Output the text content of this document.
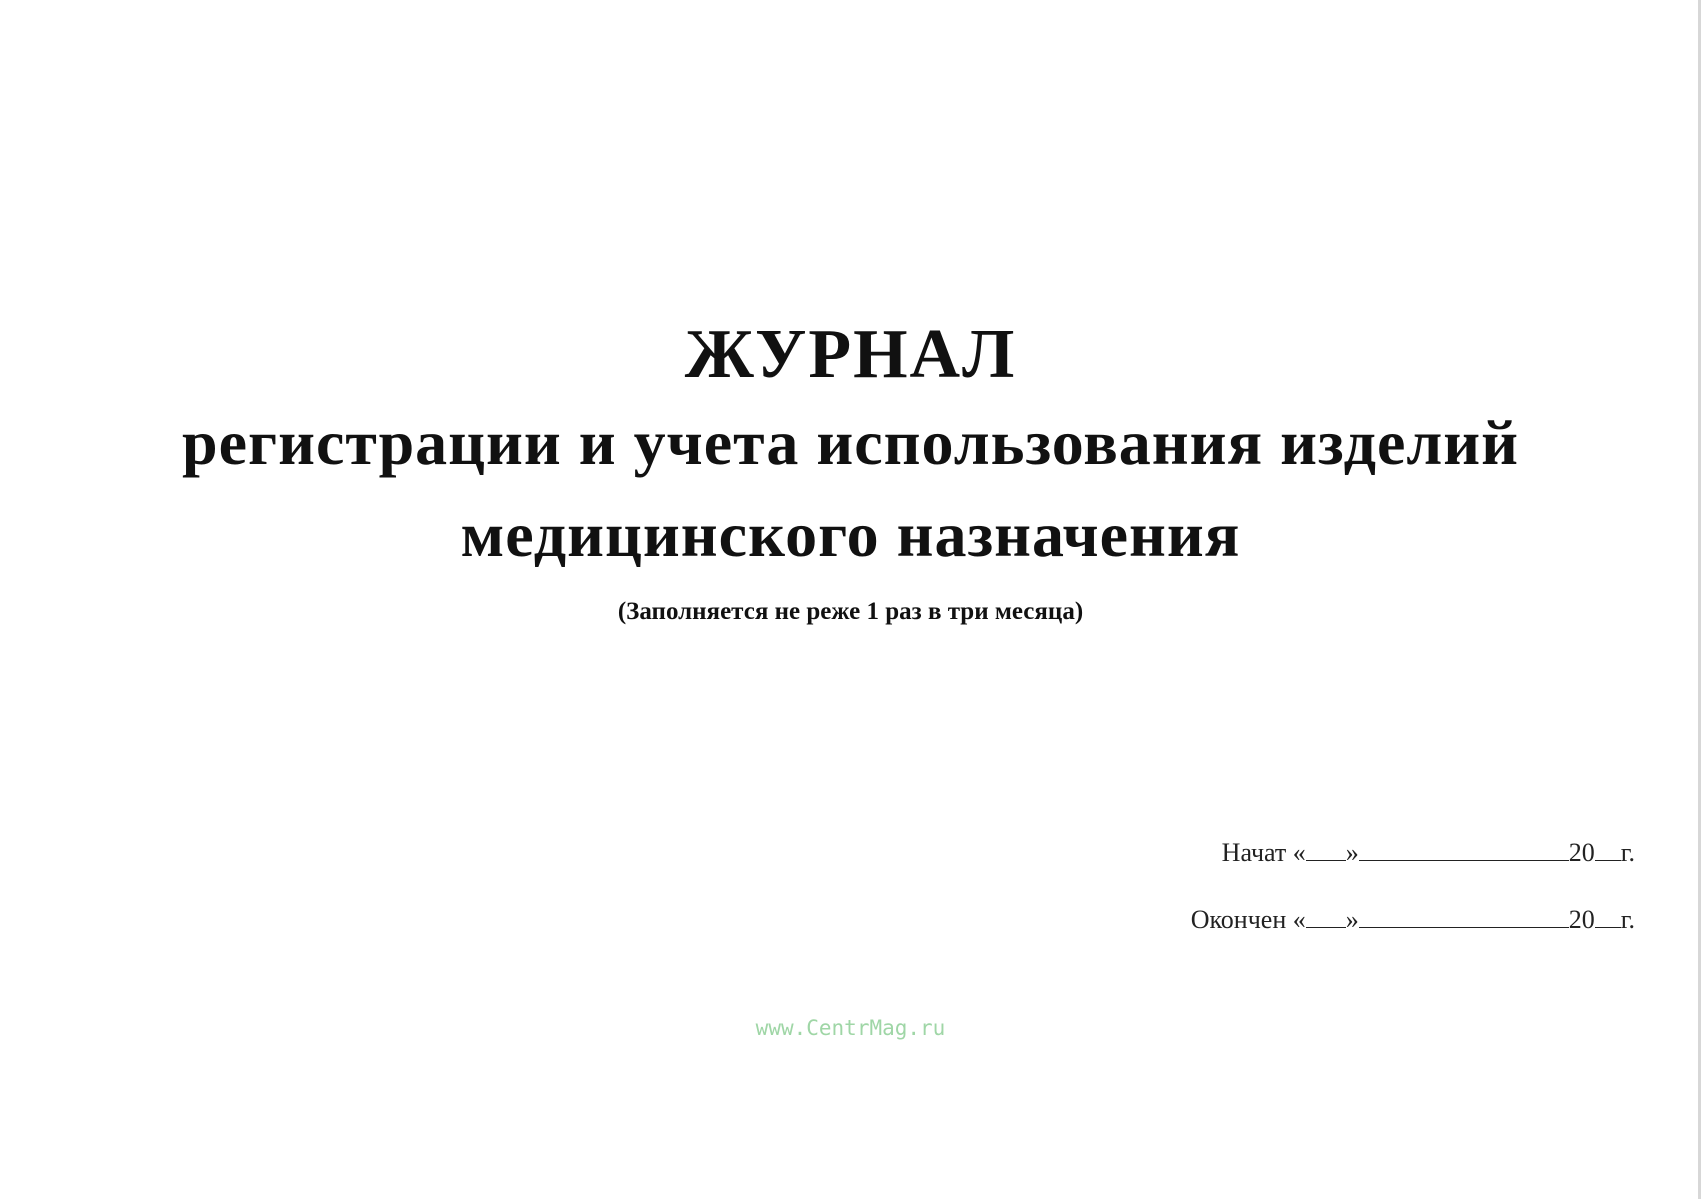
ЖУРНАЛ
регистрации и учета использования изделий
медицинского назначения
(Заполняется не реже 1 раз в три месяца)
Начат « »	20 г.
Окончен « »	20 г.
www.CentrMag.ru
